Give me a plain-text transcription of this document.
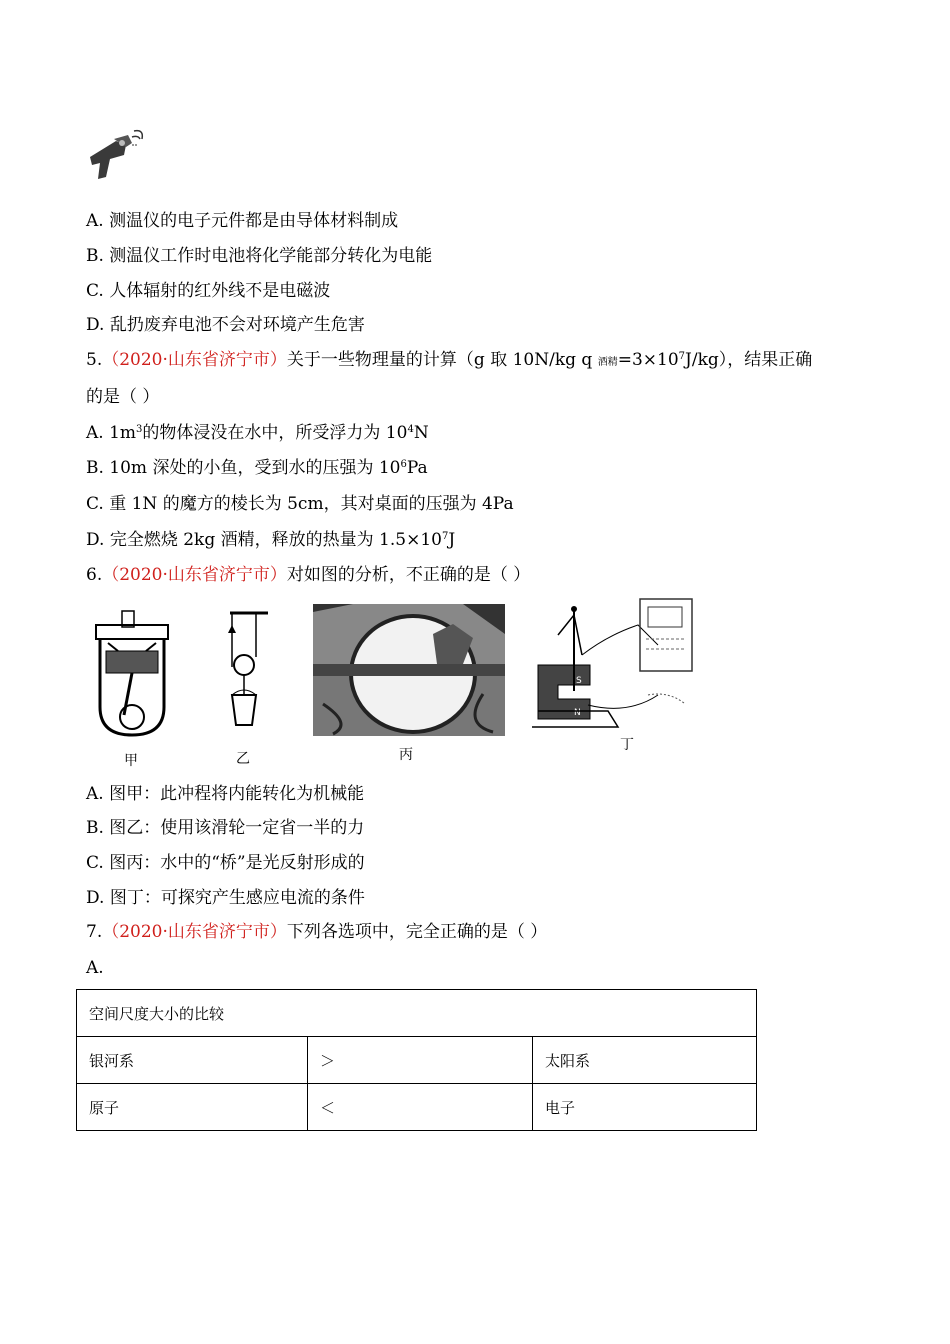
A. 测温仪的电子元件都是由导体材料制成
B. 测温仪工作时电池将化学能部分转化为电能
C. 人体辐射的红外线不是电磁波
D. 乱扔废弃电池不会对环境产生危害
5.（2020·山东省济宁市）关于一些物理量的计算（g 取 10N/kg q 酒精$=3\times 10^7J/kg$），结果正确
的是（ ）
A. $1m^3$的物体浸没在水中，所受浮力为 $10^4N$
B. 10m 深处的小鱼，受到水的压强为 $10^6Pa$
C. 重 1N 的魔方的棱长为 5cm，其对桌面的压强为 4Pa
D. 完全燃烧 2kg 酒精，释放的热量为 $1.5\times 10^7J$
6.（2020·山东省济宁市）对如图的分析，不正确的是（ ）
甲	乙	丙
S
N
丁
A. 图甲：此冲程将内能转化为机械能
B. 图乙：使用该滑轮一定省一半的力
C. 图丙：水中的“桥”是光反射形成的
D. 图丁：可探究产生感应电流的条件
7.（2020·山东省济宁市）下列各选项中，完全正确的是（ ）
A.
空间尺度大小的比较		
银河系	＞	太阳系
原子	＜	电子
